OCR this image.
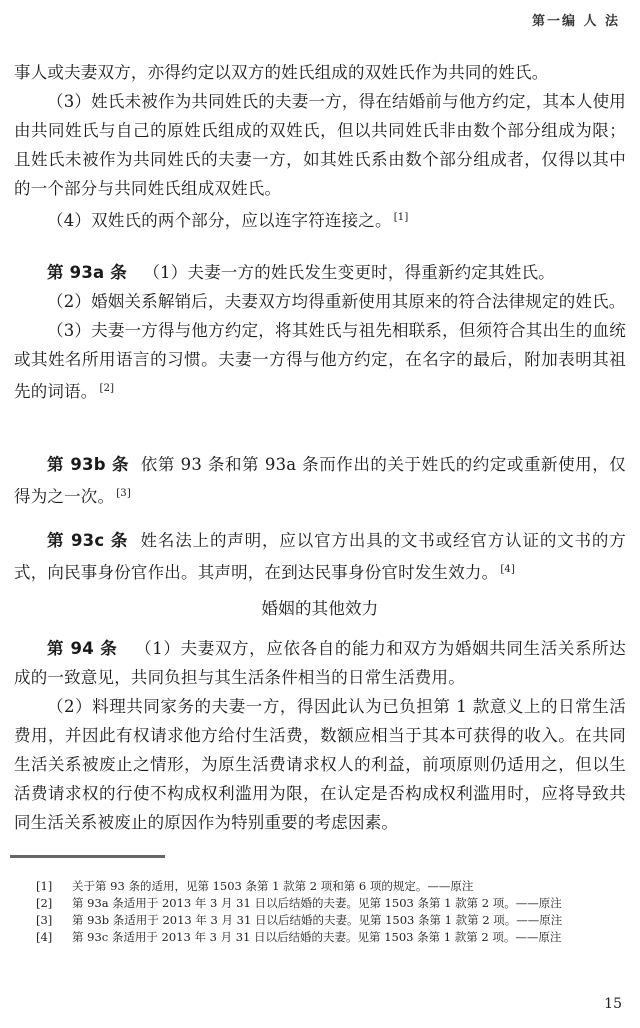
第一编 人 法

事人或夫妻双方，亦得约定以双方的姓氏组成的双姓氏作为共同的姓氏。

（3）姓氏未被作为共同姓氏的夫妻一方，得在结婚前与他方约定，其本人使用由共同姓氏与自己的原姓氏组成的双姓氏，但以共同姓氏非由数个部分组成为限；且姓氏未被作为共同姓氏的夫妻一方，如其姓氏系由数个部分组成者，仅得以其中的一个部分与共同姓氏组成双姓氏。

（4）双姓氏的两个部分，应以连字符连接之。 [1]

第 93a 条 （1）夫妻一方的姓氏发生变更时，得重新约定其姓氏。

（2）婚姻关系解销后，夫妻双方均得重新使用其原来的符合法律规定的姓氏。

（3）夫妻一方得与他方约定，将其姓氏与祖先相联系，但须符合其出生的血统或其姓名所用语言的习惯。夫妻一方得与他方约定，在名字的最后，附加表明其祖先的词语。 [2]

第 93b 条 依第 93 条和第 93a 条而作出的关于姓氏的约定或重新使用，仅得为之一次。 [3]

第 93c 条 姓名法上的声明，应以官方出具的文书或经官方认证的文书的方式，向民事身份官作出。其声明，在到达民事身份官时发生效力。 [4]

婚姻的其他效力

第 94 条 （1）夫妻双方，应依各自的能力和双方为婚姻共同生活关系所达成的一致意见，共同负担与其生活条件相当的日常生活费用。

（2）料理共同家务的夫妻一方，得因此认为已负担第 1 款意义上的日常生活费用，并因此有权请求他方给付生活费，数额应相当于其本可获得的收入。在共同生活关系被废止之情形，为原生活费请求权人的利益，前项原则仍适用之，但以生活费请求权的行使不构成权利滥用为限，在认定是否构成权利滥用时，应将导致共同生活关系被废止的原因作为特别重要的考虑因素。

[1]	关于第 93 条的适用，见第 1503 条第 1 款第 2 项和第 6 项的规定。——原注
[2]	第 93a 条适用于 2013 年 3 月 31 日以后结婚的夫妻。见第 1503 条第 1 款第 2 项。——原注
[3]	第 93b 条适用于 2013 年 3 月 31 日以后结婚的夫妻。见第 1503 条第 1 款第 2 项。——原注
[4]	第 93c 条适用于 2013 年 3 月 31 日以后结婚的夫妻。见第 1503 条第 1 款第 2 项。——原注
15
